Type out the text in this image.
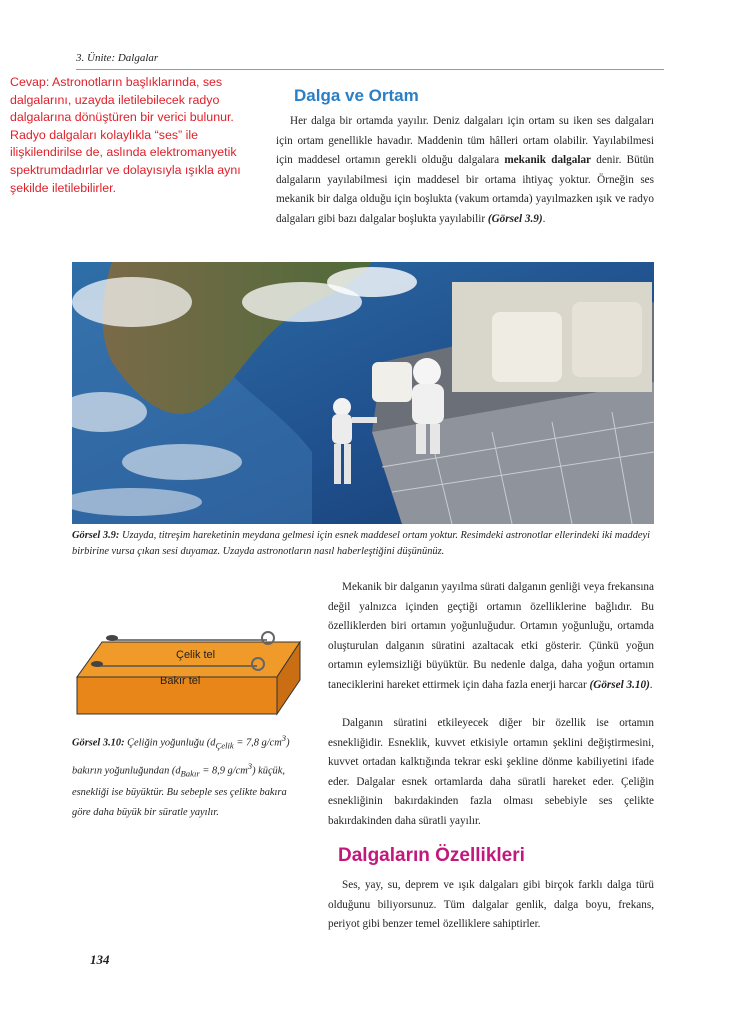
3. Ünite: Dalgalar
Cevap: Astronotların başlıklarında, ses dalgalarını, uzayda iletilebilecek radyo dalgalarına dönüştüren bir verici bulunur. Radyo dalgaları kolaylıkla “ses” ile ilişkilendirilse de, aslında elektromanyetik spektrumdadırlar ve dolayısıyla ışıkla aynı şekilde iletilebilirler.
Dalga ve Ortam

Her dalga bir ortamda yayılır. Deniz dalgaları için ortam su iken ses dalgaları için ortam genellikle havadır. Maddenin tüm hâlleri ortam olabilir. Yayılabilmesi için maddesel ortamın gerekli olduğu dalgalara mekanik dalgalar denir. Bütün dalgaların yayılabilmesi için maddesel bir ortama ihtiyaç yoktur. Örneğin ses mekanik bir dalga olduğu için boşlukta (vakum ortamda) yayılmazken ışık ve radyo dalgaları gibi bazı dalgalar boşlukta yayılabilir (Görsel 3.9).

Görsel 3.9: Uzayda, titreşim hareketinin meydana gelmesi için esnek maddesel ortam yoktur. Resimdeki astronotlar ellerindeki iki maddeyi birbirine vursa çıkan sesi duyamaz. Uzayda astronotların nasıl haberleştiğini düşününüz.

Mekanik bir dalganın yayılma sürati dalganın genliği veya frekansına değil yalnızca içinden geçtiği ortamın özelliklerine bağlıdır. Bu özelliklerden biri ortamın yoğunluğudur. Ortamın yoğunluğu, ortamda oluşturulan dalganın süratini azaltacak etki gösterir. Çünkü yoğun ortamın eylemsizliği büyüktür. Bu nedenle dalga, daha yoğun ortamın taneciklerini hareket ettirmek için daha fazla enerji harcar (Görsel 3.10).

Dalganın süratini etkileyecek diğer bir özellik ise ortamın esnekliğidir. Esneklik, kuvvet etkisiyle ortamın şeklini değiştirmesini, kuvvet ortadan kalktığında tekrar eski şekline dönme kabiliyetini ifade eder. Dalgalar esnek ortamlarda daha süratli hareket eder. Çeliğin esnekliğinin bakırdakinden fazla olması sebebiyle ses çelikte bakırdakinden daha süratli yayılır.

Çelik tel
Bakır tel
Görsel 3.10: Çeliğin yoğunluğu ($d_{Çelik} = 7,8$ $g/cm^3$) bakırın yoğunluğundan ($d_{Bakır} = 8,9$ $g/cm^3$) küçük, esnekliği ise büyüktür. Bu sebeple ses çelikte bakıra göre daha büyük bir süratle yayılır.
Dalgaların Özellikleri

Ses, yay, su, deprem ve ışık dalgaları gibi birçok farklı dalga türü olduğunu biliyorsunuz. Tüm dalgalar genlik, dalga boyu, frekans, periyot gibi benzer temel özelliklere sahiptirler.

134
